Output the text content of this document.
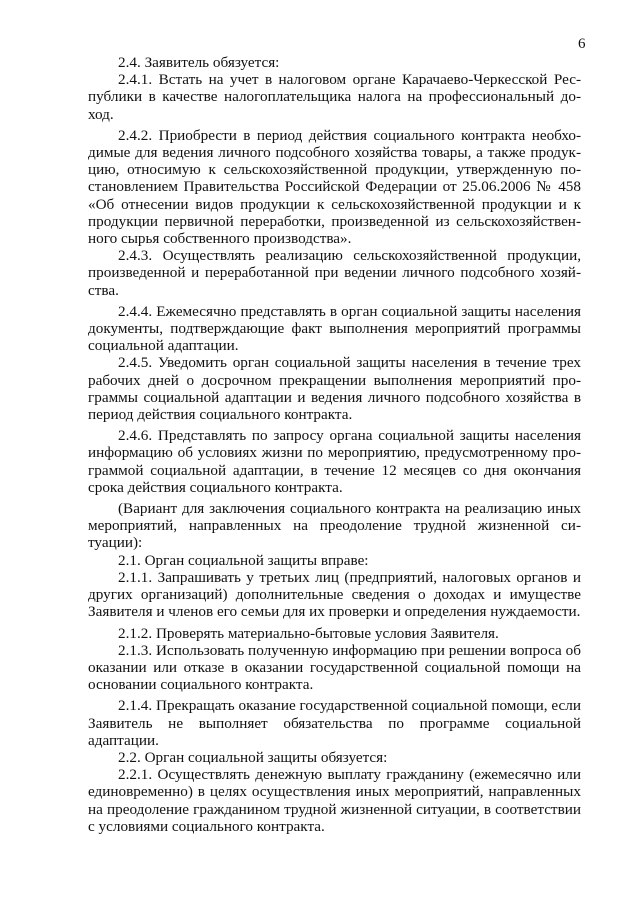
6

2.4. Заявитель обязуется:

2.4.1. Встать на учет в налоговом органе Карачаево-Черкесской Республики в качестве налогоплательщика налога на профессиональный доход.

2.4.2. Приобрести в период действия социального контракта необходимые для ведения личного подсобного хозяйства товары, а также продукцию, относимую к сельскохозяйственной продукции, утвержденную постановлением Правительства Российской Федерации от 25.06.2006 № 458 «Об отнесении видов продукции к сельскохозяйственной продукции и к продукции первичной переработки, произведенной из сельскохозяйственного сырья собственного производства».

2.4.3. Осуществлять реализацию сельскохозяйственной продукции, произведенной и переработанной при ведении личного подсобного хозяйства.

2.4.4. Ежемесячно представлять в орган социальной защиты населения документы, подтверждающие факт выполнения мероприятий программы социальной адаптации.

2.4.5. Уведомить орган социальной защиты населения в течение трех рабочих дней о досрочном прекращении выполнения мероприятий программы социальной адаптации и ведения личного подсобного хозяйства в период действия социального контракта.

2.4.6. Представлять по запросу органа социальной защиты населения информацию об условиях жизни по мероприятию, предусмотренному программой социальной адаптации, в течение 12 месяцев со дня окончания срока действия социального контракта.

(Вариант для заключения социального контракта на реализацию иных мероприятий, направленных на преодоление трудной жизненной ситуации):

2.1. Орган социальной защиты вправе:

2.1.1. Запрашивать у третьих лиц (предприятий, налоговых органов и других организаций) дополнительные сведения о доходах и имуществе Заявителя и членов его семьи для их проверки и определения нуждаемости.

2.1.2. Проверять материально-бытовые условия Заявителя.

2.1.3. Использовать полученную информацию при решении вопроса об оказании или отказе в оказании государственной социальной помощи на основании социального контракта.

2.1.4. Прекращать оказание государственной социальной помощи, если Заявитель не выполняет обязательства по программе социальной адаптации.

2.2. Орган социальной защиты обязуется:

2.2.1. Осуществлять денежную выплату гражданину (ежемесячно или единовременно) в целях осуществления иных мероприятий, направленных на преодоление гражданином трудной жизненной ситуации, в соответствии с условиями социального контракта.
